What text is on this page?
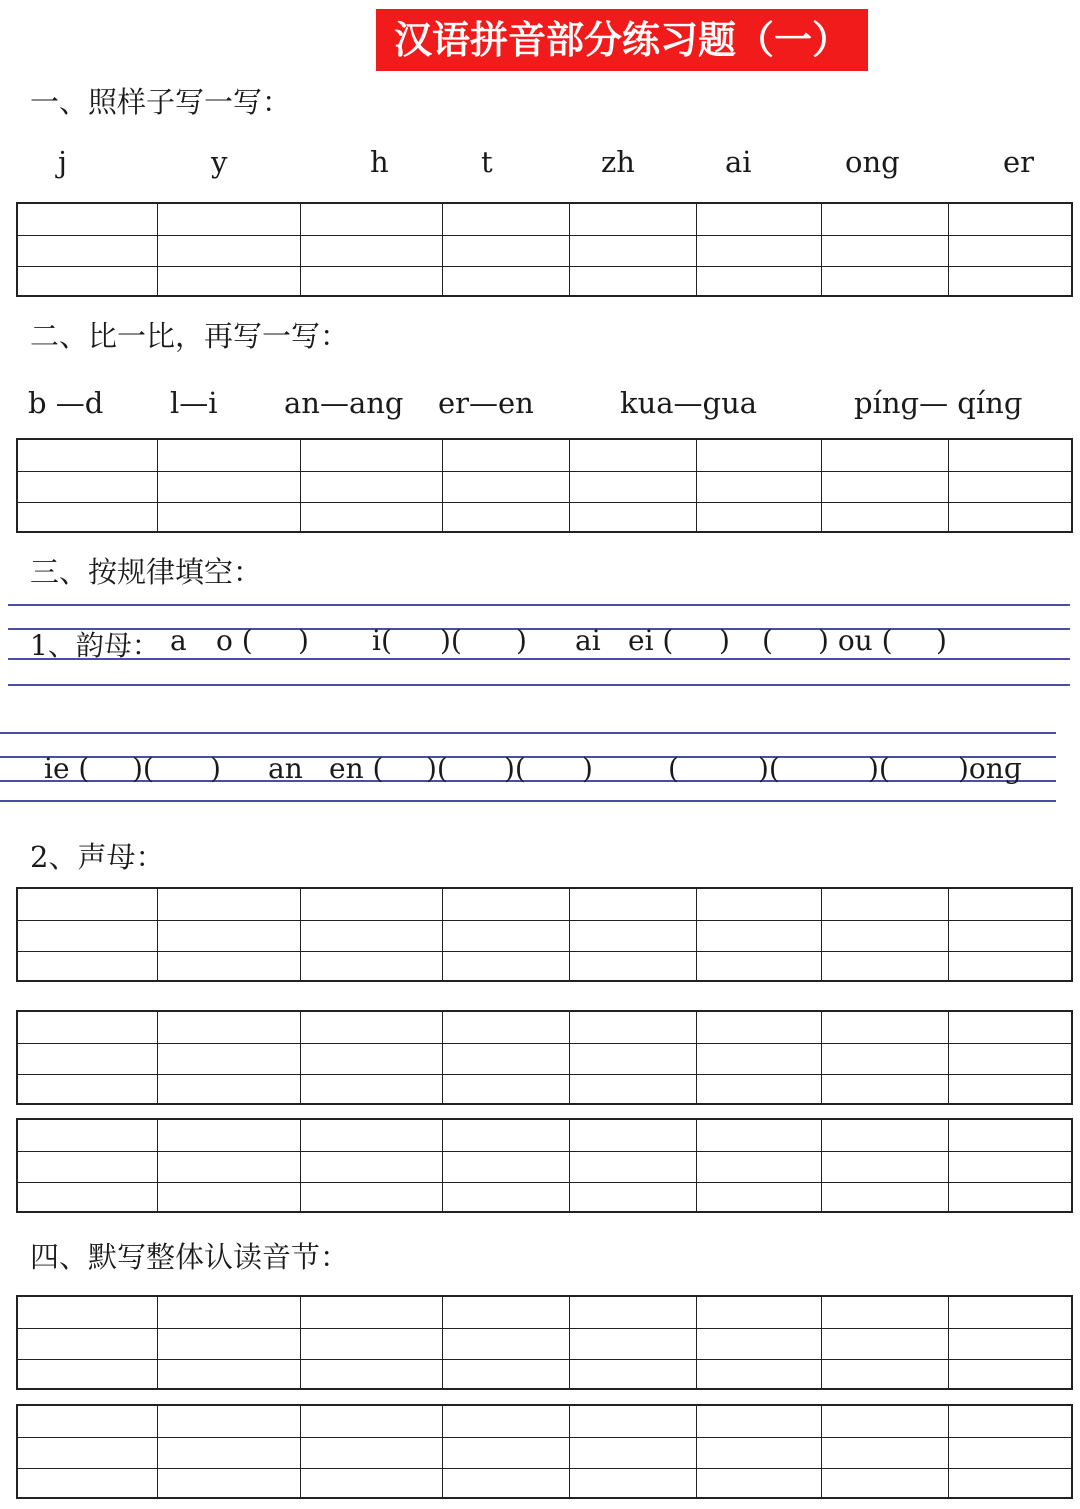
汉语拼音部分练习题（一）
一、照样子写一写：
j	y	h	t	zh	ai	ong	er
二、比一比，再写一写：
b —d l—i an—ang er—en	kua—gua	pínɡ— qínɡ
三、按规律填空：
1、韵母： a o ( ) i( )( ) ai ei ( ) ( ) ou ( )
ie ( )( ) an en ( )( )( )	(	)(	)( )onɡ
2、声母：
四、默写整体认读音节：
